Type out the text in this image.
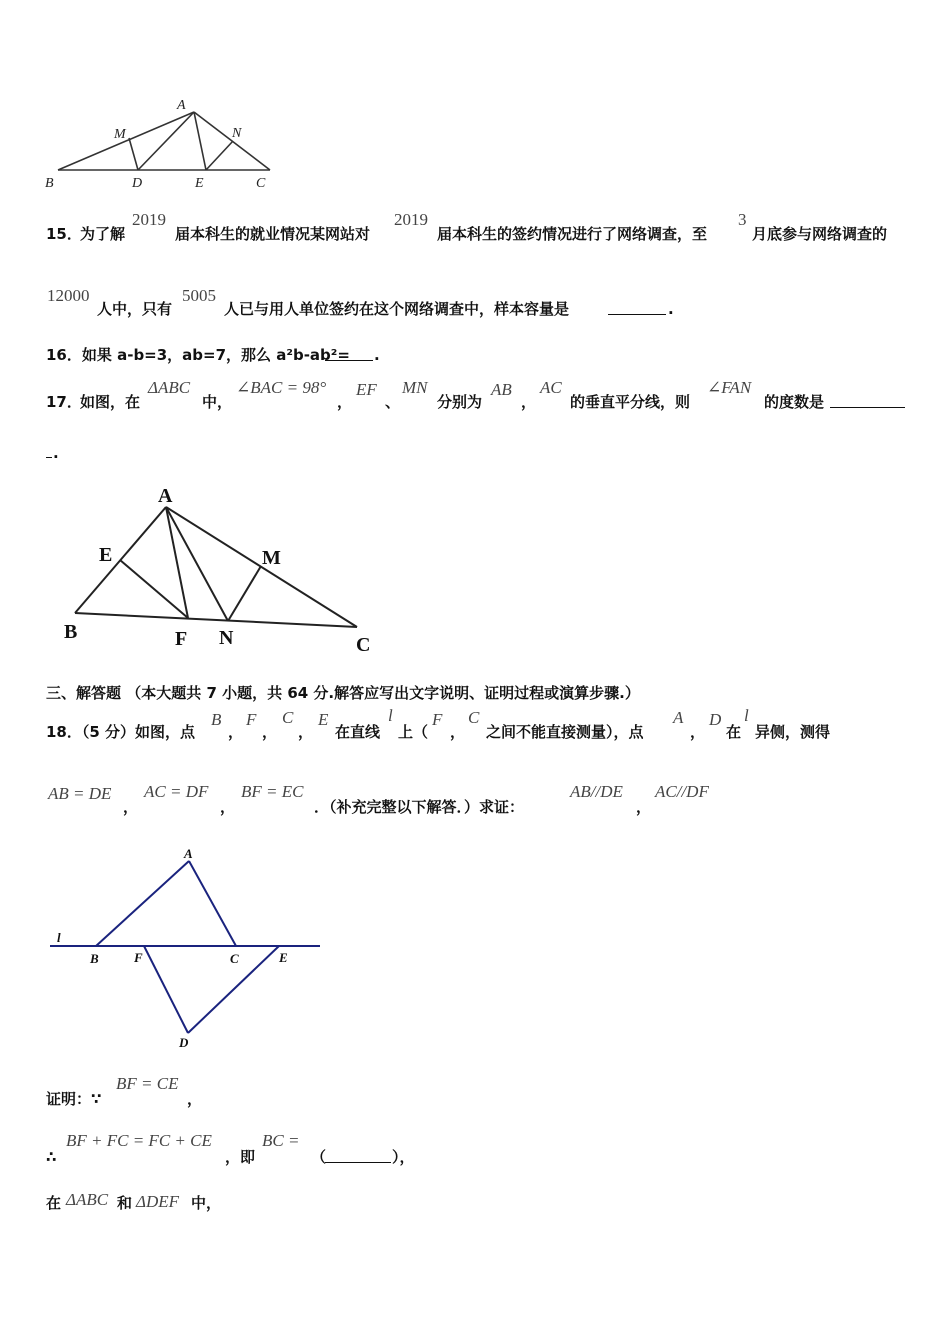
A
M	N
B	D	E	C
15．
为了解
2019
届本科生的就业情况某网站对
2019
届本科生的签约情况进行了网络调查，至
3
月底参与网络调查的
12000
人中，只有
5005
人已与用人单位签约在这个网络调查中，样本容量是	.
16．如果 a-b=3，ab=7，那么 a²b-ab²= .
17．
如图，在
ΔABC
中，
∠BAC = 98°
，
EF
、
MN
分别为
AB
，
AC
的垂直平分线，则
∠FAN
的度数是
.
A
E	M
B	F N	C
三、解答题 （本大题共 7 小题，共 64 分.解答应写出文字说明、证明过程或演算步骤.）
18．（5 分）如图，点
B
，
F
，
C
，
E
在直线
l
上（
F
，
C
之间不能直接测量），点
A
，
D
在
l
异侧，测得
AB = DE
，
AC = DF
，
BF = EC
．（补充完整以下解答．）求证：
AB//DE
，
AC//DF
A
l
B	F	C	E
D
证明：∵
BF = CE
，
∴
BF + FC = FC + CE
，即
BC =
（	），
在 ΔABC 和 ΔDEF 中，
